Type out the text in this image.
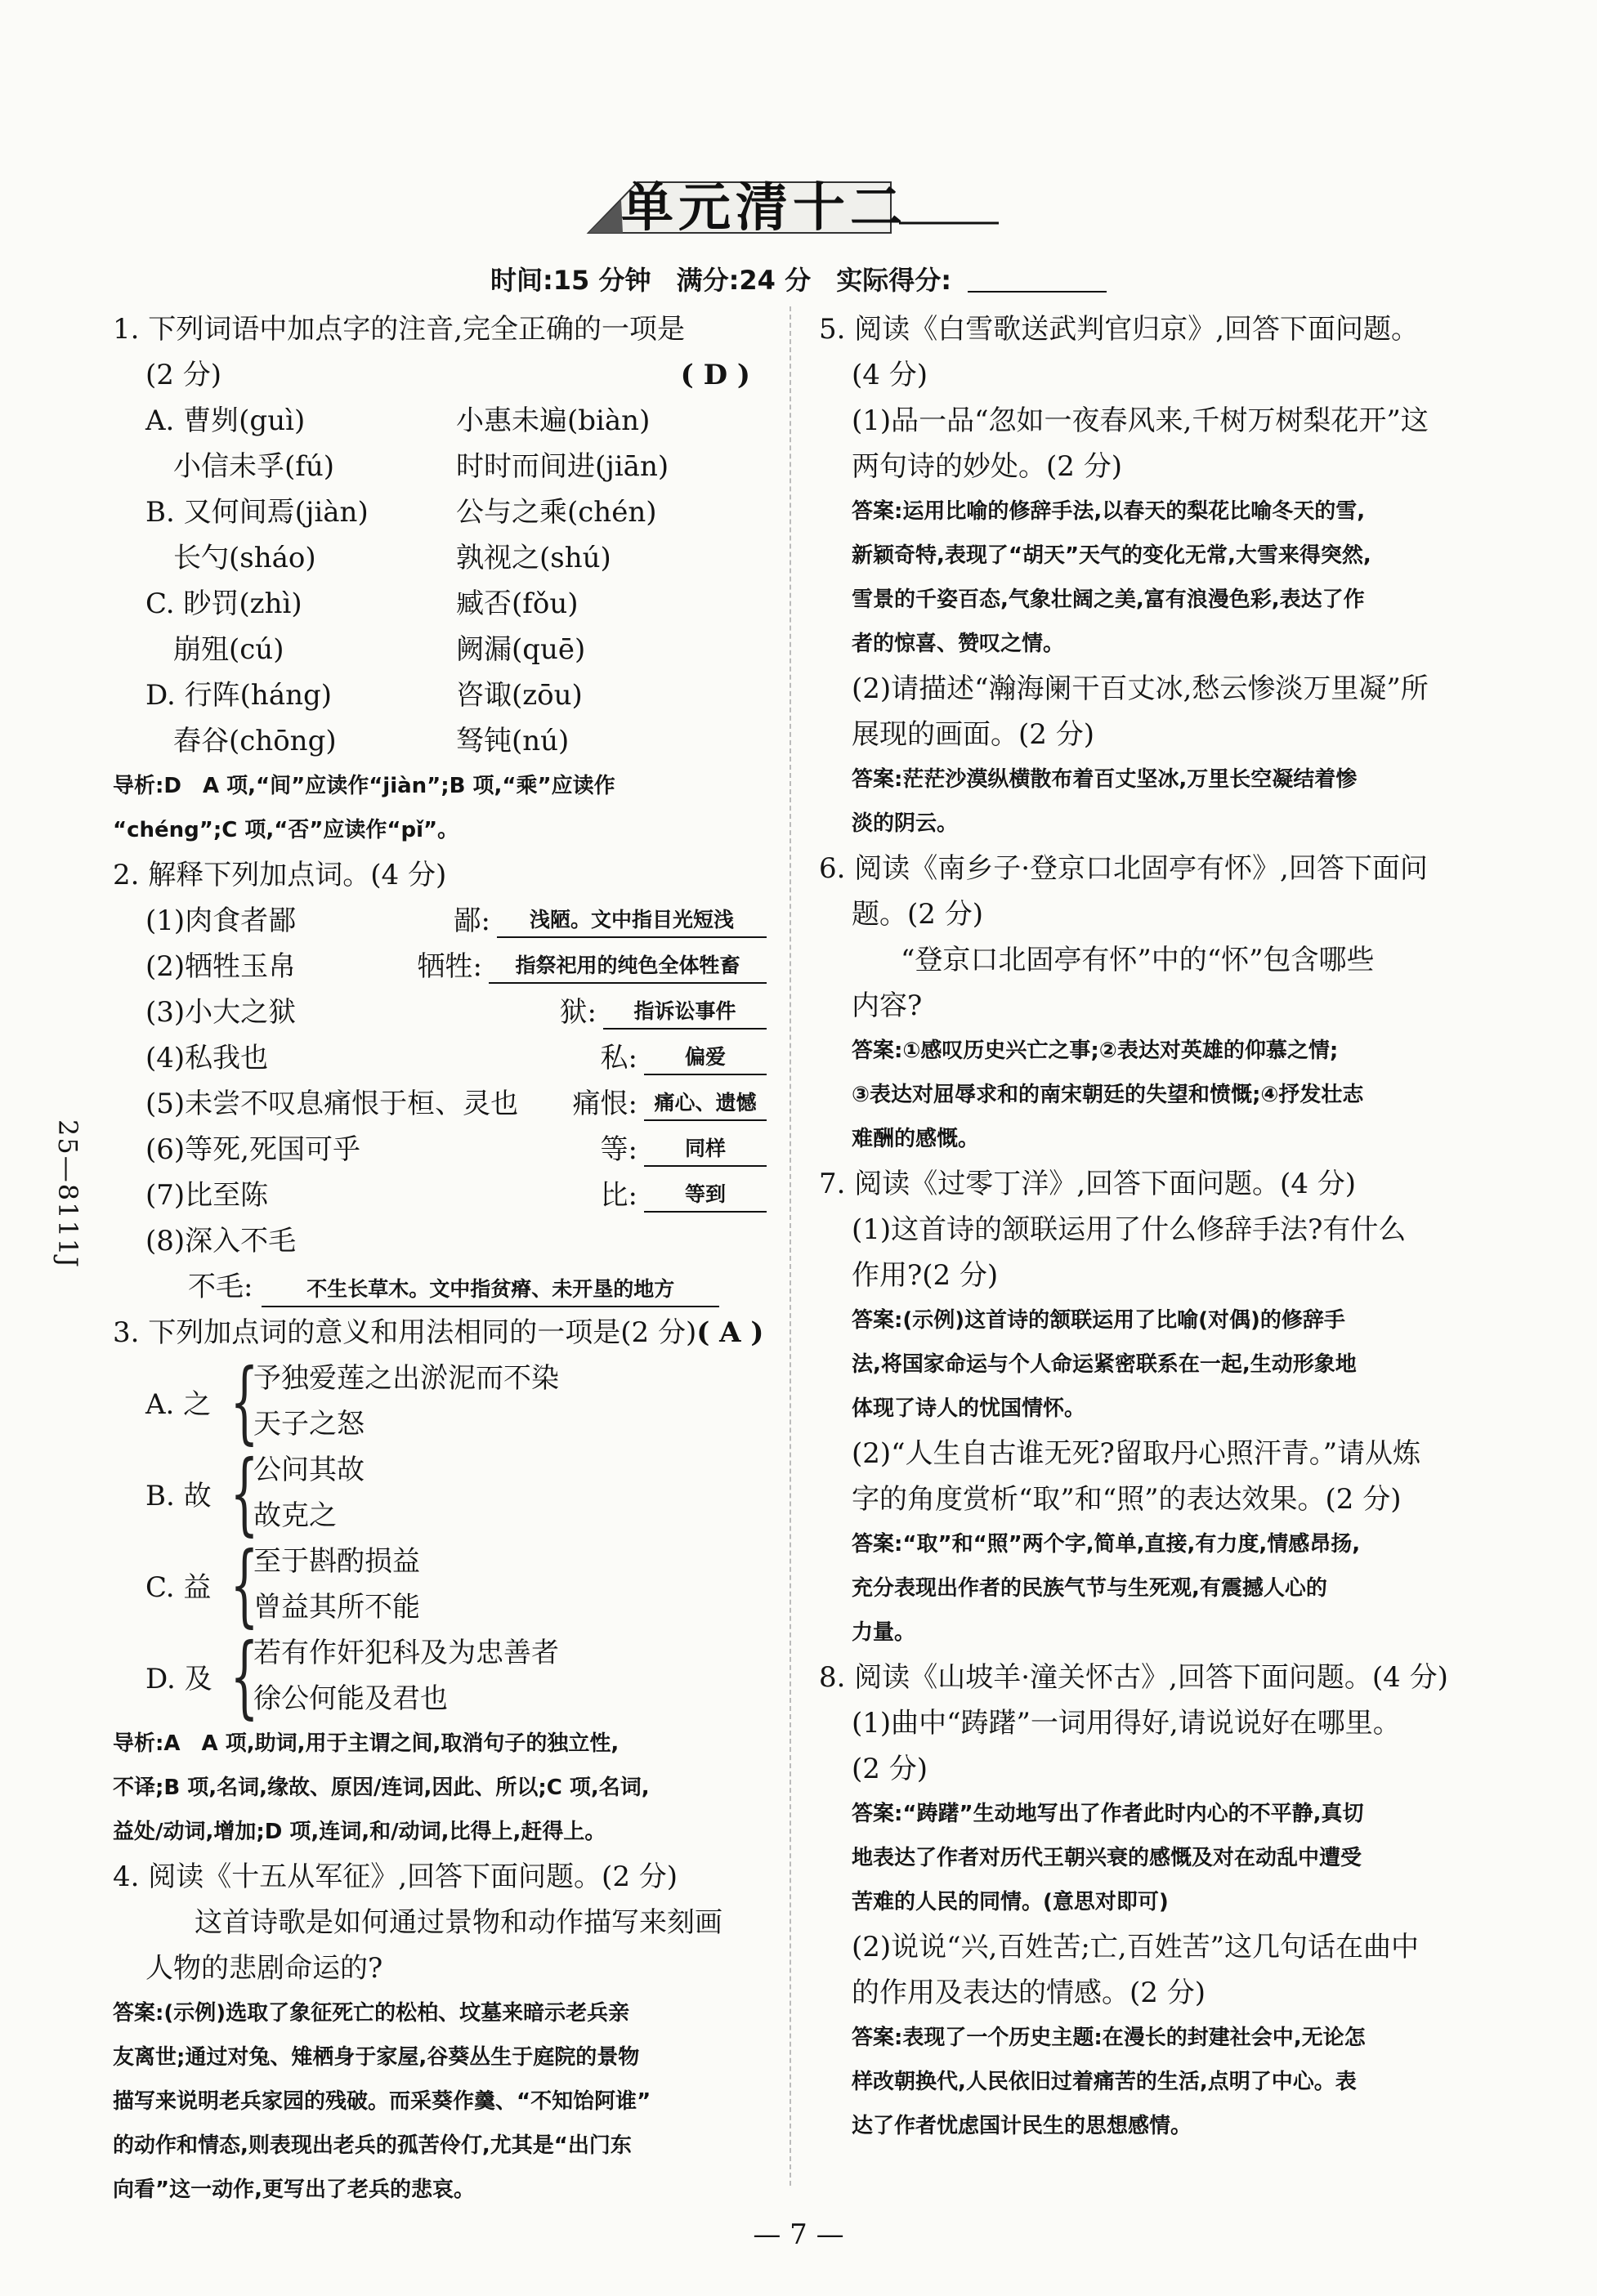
单元清十二
时间:15 分钟 满分:24 分 实际得分:
25—8111J
1. 下列词语中加点字的注音,完全正确的一项是
(2 分)	( D )
A. 曹刿(guì)	小惠未遍(biàn)
　小信未孚(fú)	时时而间进(jiān)
B. 又何间焉(jiàn)	公与之乘(chén)
　长勺(sháo)	孰视之(shú)
C. 眇罚(zhì)	臧否(fǒu)
　崩殂(cú)	阙漏(quē)
D. 行阵(háng)	咨诹(zōu)
　舂谷(chōng)	驽钝(nú)
导析:D　A 项,“间”应读作“jiàn”;B 项,“乘”应读作
“chéng”;C 项,“否”应读作“pǐ”。
2. 解释下列加点词。(4 分)
(1)肉食者鄙	鄙:	浅陋。文中指目光短浅
(2)牺牲玉帛	牺牲:	指祭祀用的纯色全体牲畜
(3)小大之狱	狱:	指诉讼事件
(4)私我也	私:	偏爱
(5)未尝不叹息痛恨于桓、灵也	痛恨: 痛心、遗憾
(6)等死,死国可乎	等:	同样
(7)比至陈	比:	等到
(8)深入不毛
不毛:	不生长草木。文中指贫瘠、未开垦的地方
3. 下列加点词的意义和用法相同的一项是(2 分)( A )
A. 之 {
予独爱莲之出淤泥而不染
天子之怒
B. 故 {
公问其故
故克之
C. 益 {
至于斟酌损益
曾益其所不能
D. 及 {
若有作奸犯科及为忠善者
徐公何能及君也
导析:A　A 项,助词,用于主谓之间,取消句子的独立性,
不译;B 项,名词,缘故、原因/连词,因此、所以;C 项,名词,
益处/动词,增加;D 项,连词,和/动词,比得上,赶得上。
4. 阅读《十五从军征》,回答下面问题。(2 分)
这首诗歌是如何通过景物和动作描写来刻画
人物的悲剧命运的?
答案:(示例)选取了象征死亡的松柏、坟墓来暗示老兵亲
友离世;通过对兔、雉栖身于家屋,谷葵丛生于庭院的景物
描写来说明老兵家园的残破。而采葵作羹、“不知饴阿谁”
的动作和情态,则表现出老兵的孤苦伶仃,尤其是“出门东
向看”这一动作,更写出了老兵的悲哀。
5. 阅读《白雪歌送武判官归京》,回答下面问题。
(4 分)
(1)品一品“忽如一夜春风来,千树万树梨花开”这
两句诗的妙处。(2 分)
答案:运用比喻的修辞手法,以春天的梨花比喻冬天的雪,
新颖奇特,表现了“胡天”天气的变化无常,大雪来得突然,
雪景的千姿百态,气象壮阔之美,富有浪漫色彩,表达了作
者的惊喜、赞叹之情。
(2)请描述“瀚海阑干百丈冰,愁云惨淡万里凝”所
展现的画面。(2 分)
答案:茫茫沙漠纵横散布着百丈坚冰,万里长空凝结着惨
淡的阴云。
6. 阅读《南乡子·登京口北固亭有怀》,回答下面问
题。(2 分)
“登京口北固亭有怀”中的“怀”包含哪些
内容?
答案:①感叹历史兴亡之事;②表达对英雄的仰慕之情;
③表达对屈辱求和的南宋朝廷的失望和愤慨;④抒发壮志
难酬的感慨。
7. 阅读《过零丁洋》,回答下面问题。(4 分)
(1)这首诗的颔联运用了什么修辞手法?有什么
作用?(2 分)
答案:(示例)这首诗的颔联运用了比喻(对偶)的修辞手
法,将国家命运与个人命运紧密联系在一起,生动形象地
体现了诗人的忧国情怀。
(2)“人生自古谁无死?留取丹心照汗青。”请从炼
字的角度赏析“取”和“照”的表达效果。(2 分)
答案:“取”和“照”两个字,简单,直接,有力度,情感昂扬,
充分表现出作者的民族气节与生死观,有震撼人心的
力量。
8. 阅读《山坡羊·潼关怀古》,回答下面问题。(4 分)
(1)曲中“踌躇”一词用得好,请说说好在哪里。
(2 分)
答案:“踌躇”生动地写出了作者此时内心的不平静,真切
地表达了作者对历代王朝兴衰的感慨及对在动乱中遭受
苦难的人民的同情。(意思对即可)
(2)说说“兴,百姓苦;亡,百姓苦”这几句话在曲中
的作用及表达的情感。(2 分)
答案:表现了一个历史主题:在漫长的封建社会中,无论怎
样改朝换代,人民依旧过着痛苦的生活,点明了中心。表
达了作者忧虑国计民生的思想感情。
— 7 —
